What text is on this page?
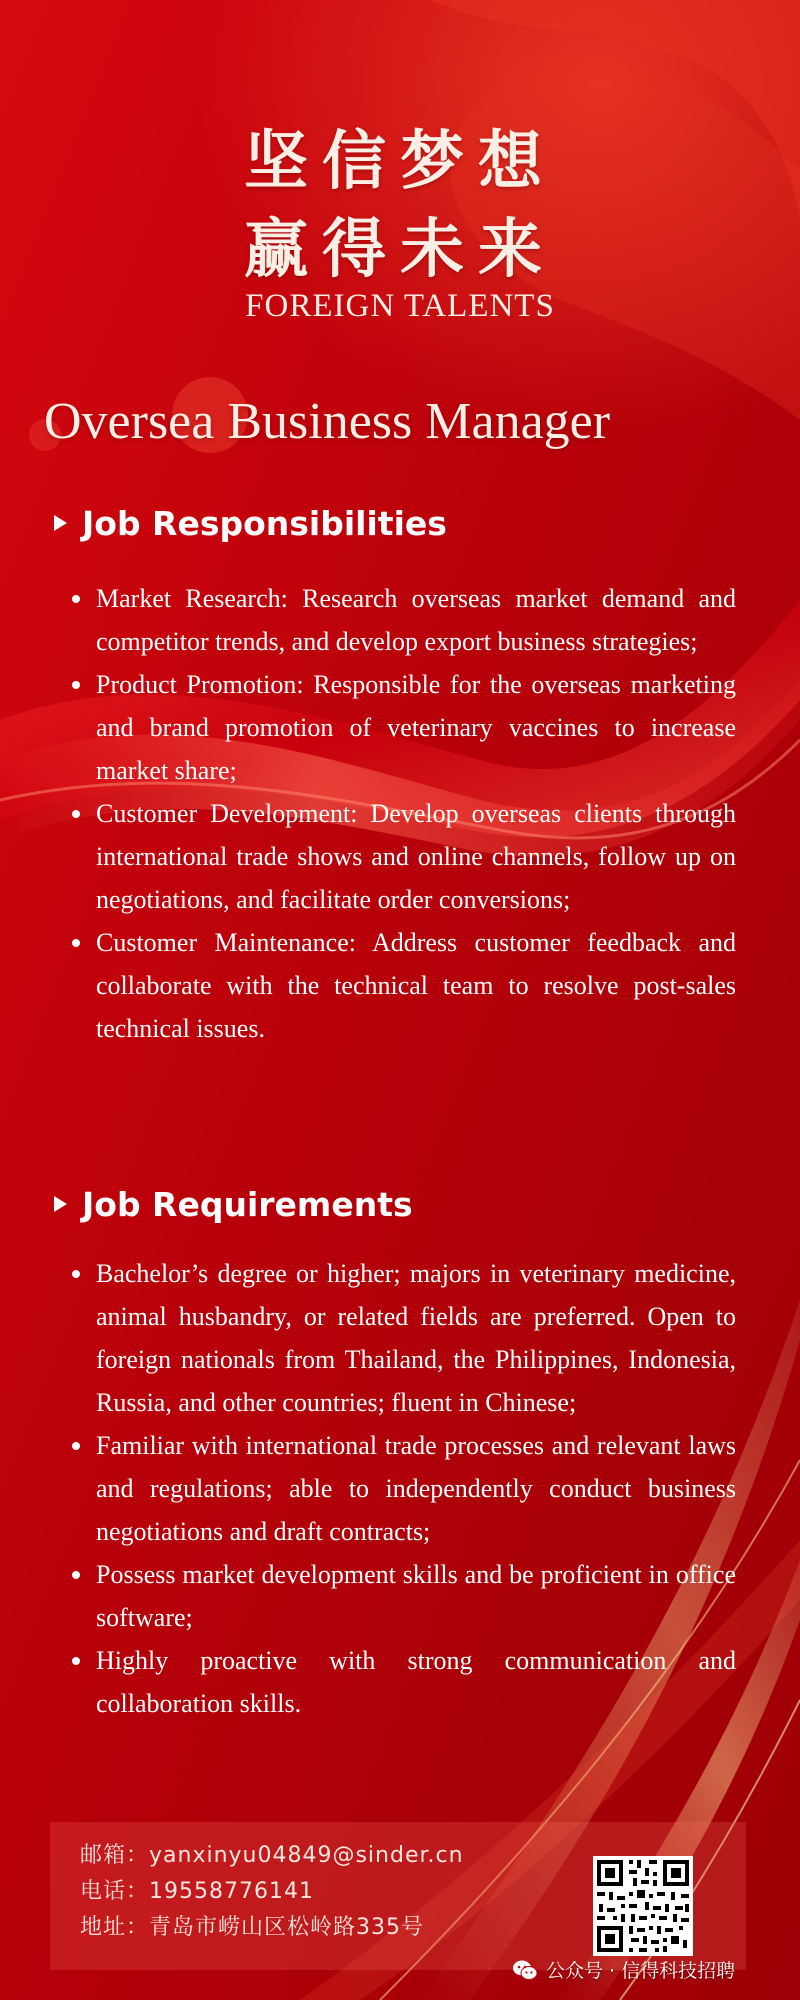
坚信梦想
赢得未来
FOREIGN TALENTS
Oversea Business Manager
Job Responsibilities
Market Research: Research overseas market demand and competitor trends, and develop export business strategies;
Product Promotion: Responsible for the overseas marketing and brand promotion of veterinary vaccines to increase market share;
Customer Development: Develop overseas clients through international trade shows and online channels, follow up on negotiations, and facilitate order conversions;
Customer Maintenance: Address customer feedback and collaborate with the technical team to resolve post-sales technical issues.
Job Requirements
Bachelor’s degree or higher; majors in veterinary medicine, animal husbandry, or related fields are preferred. Open to foreign nationals from Thailand, the Philippines, Indonesia, Russia, and other countries; fluent in Chinese;
Familiar with international trade processes and relevant laws and regulations; able to independently conduct business negotiations and draft contracts;
Possess market development skills and be proficient in office software;
Highly proactive with strong communication and collaboration skills.
邮箱：yanxinyu04849@sinder.cn
电话：19558776141
地址：青岛市崂山区松岭路335号
公众号 · 信得科技招聘
